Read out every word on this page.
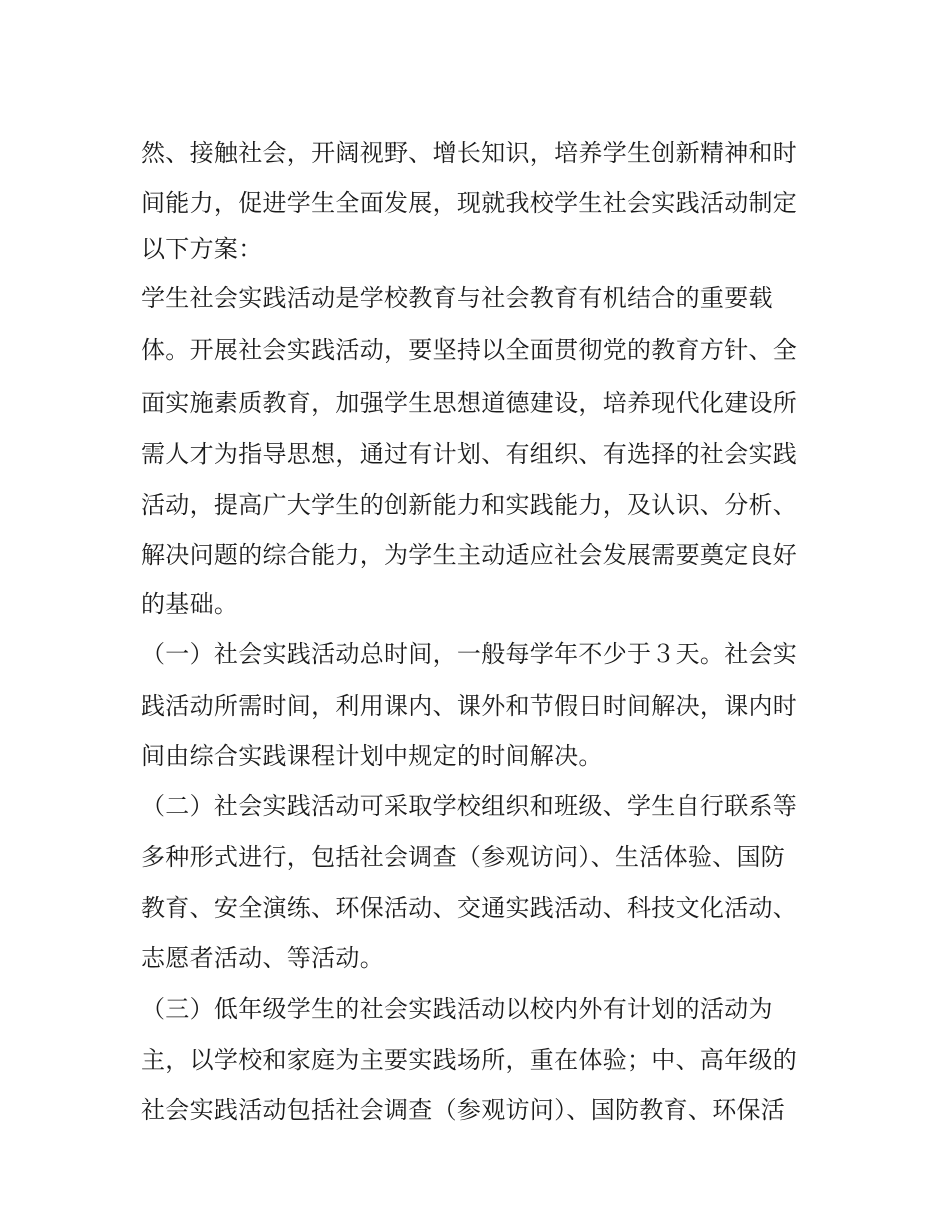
然、接触社会，开阔视野、增长知识，培养学生创新精神和时
间能力，促进学生全面发展，现就我校学生社会实践活动制定
以下方案：
学生社会实践活动是学校教育与社会教育有机结合的重要载
体。开展社会实践活动，要坚持以全面贯彻党的教育方针、全
面实施素质教育，加强学生思想道德建设，培养现代化建设所
需人才为指导思想，通过有计划、有组织、有选择的社会实践
活动，提高广大学生的创新能力和实践能力，及认识、分析、
解决问题的综合能力，为学生主动适应社会发展需要奠定良好
的基础。
（一）社会实践活动总时间，一般每学年不少于３天。社会实
践活动所需时间，利用课内、课外和节假日时间解决，课内时
间由综合实践课程计划中规定的时间解决。
（二）社会实践活动可采取学校组织和班级、学生自行联系等
多种形式进行，包括社会调查（参观访问）、生活体验、国防
教育、安全演练、环保活动、交通实践活动、科技文化活动、
志愿者活动、等活动。
（三）低年级学生的社会实践活动以校内外有计划的活动为
主，以学校和家庭为主要实践场所，重在体验；中、高年级的
社会实践活动包括社会调查（参观访问）、国防教育、环保活
